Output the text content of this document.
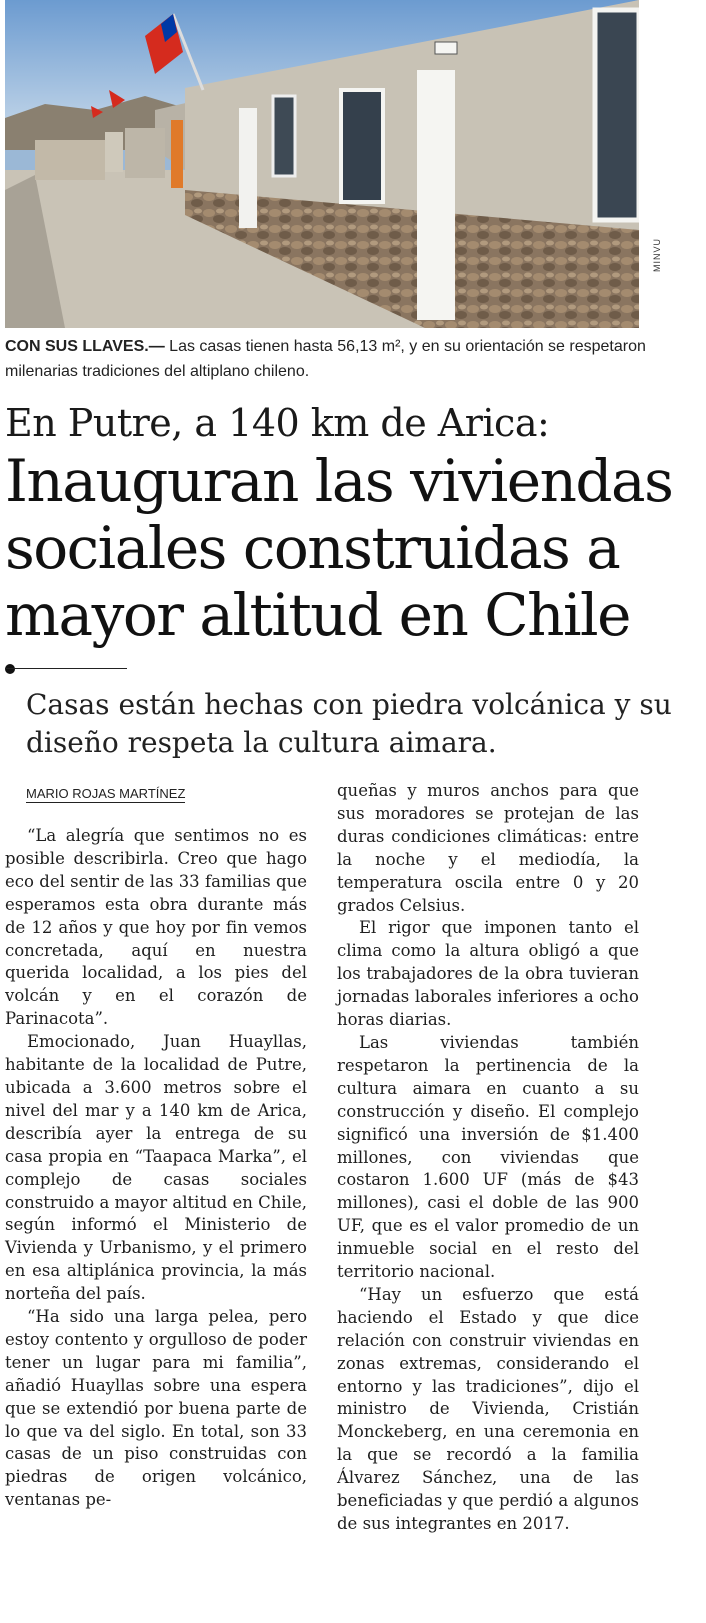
MINVU
CON SUS LLAVES.— Las casas tienen hasta 56,13 m², y en su orientación se respetaron milenarias tradiciones del altiplano chileno.
En Putre, a 140 km de Arica:
Inauguran las viviendas sociales construidas a mayor altitud en Chile
Casas están hechas con piedra volcánica y su diseño respeta la cultura aimara.
MARIO ROJAS MARTÍNEZ

“La alegría que sentimos no es posible describirla. Creo que hago eco del sentir de las 33 familias que esperamos esta obra durante más de 12 años y que hoy por fin vemos concretada, aquí en nuestra querida localidad, a los pies del volcán y en el corazón de Parinacota”.

Emocionado, Juan Huayllas, habitante de la localidad de Putre, ubicada a 3.600 metros sobre el nivel del mar y a 140 km de Arica, describía ayer la entrega de su casa propia en “Taapaca Marka”, el complejo de casas sociales construido a mayor altitud en Chile, según informó el Ministerio de Vivienda y Urbanismo, y el primero en esa altiplánica provincia, la más norteña del país.

“Ha sido una larga pelea, pero estoy contento y orgulloso de poder tener un lugar para mi familia”, añadió Huayllas sobre una espera que se extendió por buena parte de lo que va del siglo. En total, son 33 casas de un piso construidas con piedras de origen volcánico, ventanas pe-

queñas y muros anchos para que sus moradores se protejan de las duras condiciones climáticas: entre la noche y el mediodía, la temperatura oscila entre 0 y 20 grados Celsius.

El rigor que imponen tanto el clima como la altura obligó a que los trabajadores de la obra tuvieran jornadas laborales inferiores a ocho horas diarias.

Las viviendas también respetaron la pertinencia de la cultura aimara en cuanto a su construcción y diseño. El complejo significó una inversión de $1.400 millones, con viviendas que costaron 1.600 UF (más de $43 millones), casi el doble de las 900 UF, que es el valor promedio de un inmueble social en el resto del territorio nacional.

“Hay un esfuerzo que está haciendo el Estado y que dice relación con construir viviendas en zonas extremas, considerando el entorno y las tradiciones”, dijo el ministro de Vivienda, Cristián Monckeberg, en una ceremonia en la que se recordó a la familia Álvarez Sánchez, una de las beneficiadas y que perdió a algunos de sus integrantes en 2017.
